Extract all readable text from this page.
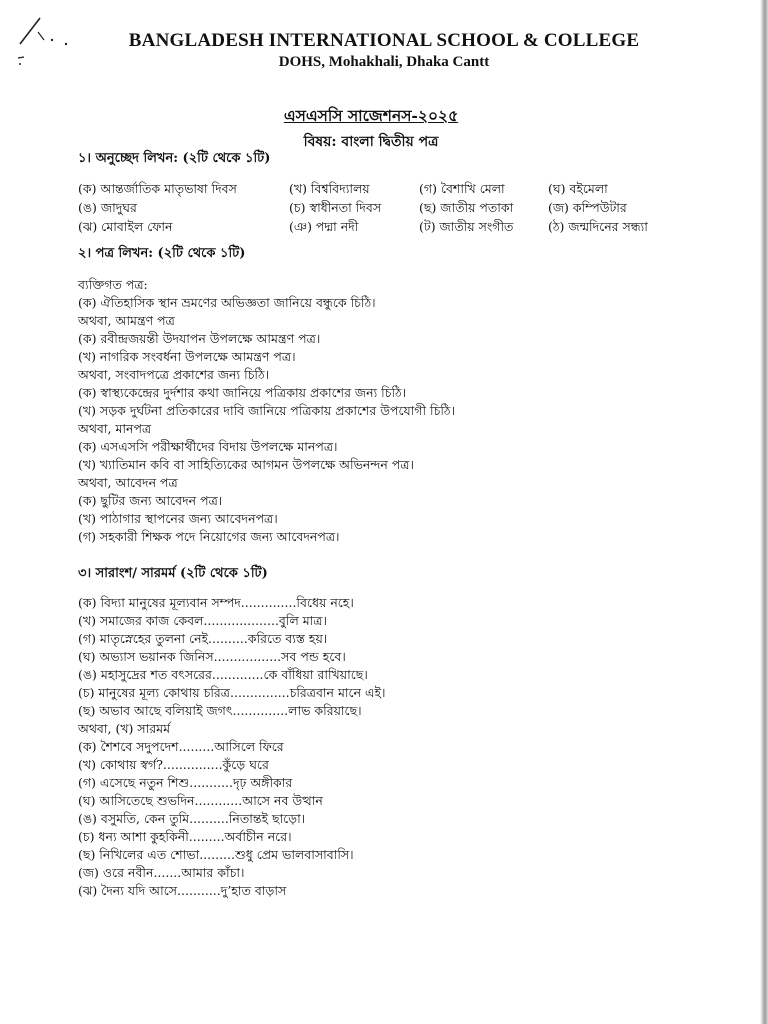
BANGLADESH INTERNATIONAL SCHOOL & COLLEGE
DOHS, Mohakhali, Dhaka Cantt
এসএসসি সাজেশনস-২০২৫
বিষয়: বাংলা দ্বিতীয় পত্র
১। অনুচ্ছেদ লিখন: (২টি থেকে ১টি)
(ক) আন্তর্জাতিক মাতৃভাষা দিবস	(খ) বিশ্ববিদ্যালয়	(গ) বৈশাখি মেলা	(ঘ) বইমেলা
(ঙ) জাদুঘর	(চ) স্বাধীনতা দিবস	(ছ) জাতীয় পতাকা	(জ) কম্পিউটার
(ঝ) মোবাইল ফোন	(ঞ) পদ্মা নদী	(ট) জাতীয় সংগীত	(ঠ) জন্মদিনের সন্ধ্যা
২। পত্র লিখন: (২টি থেকে ১টি)
ব্যক্তিগত পত্র:
(ক) ঐতিহাসিক স্থান ভ্রমণের অভিজ্ঞতা জানিয়ে বন্ধুকে চিঠি।
অথবা, আমন্ত্রণ পত্র
(ক) রবীন্দ্রজয়ন্তী উদযাপন উপলক্ষে আমন্ত্রণ পত্র।
(খ) নাগরিক সংবর্ধনা উপলক্ষে আমন্ত্রণ পত্র।
অথবা, সংবাদপত্রে প্রকাশের জন্য চিঠি।
(ক) স্বাস্থ্যকেন্দ্রের দুর্দশার কথা জানিয়ে পত্রিকায় প্রকাশের জন্য চিঠি।
(খ) সড়ক দুর্ঘটনা প্রতিকারের দাবি জানিয়ে পত্রিকায় প্রকাশের উপযোগী চিঠি।
অথবা, মানপত্র
(ক) এসএসসি পরীক্ষার্থীদের বিদায় উপলক্ষে মানপত্র।
(খ) খ্যাতিমান কবি বা সাহিত্যিকের আগমন উপলক্ষে অভিনন্দন পত্র।
অথবা, আবেদন পত্র
(ক) ছুটির জন্য আবেদন পত্র।
(খ) পাঠাগার স্থাপনের জন্য আবেদনপত্র।
(গ) সহকারী শিক্ষক পদে নিয়োগের জন্য আবেদনপত্র।
৩। সারাংশ/ সারমর্ম (২টি থেকে ১টি)
(ক) বিদ্যা মানুষের মূল্যবান সম্পদ..............বিধেয় নহে।
(খ) সমাজের কাজ কেবল...................বুলি মাত্র।
(গ) মাতৃস্নেহের তুলনা নেই..........করিতে ব্যস্ত হয়।
(ঘ) অভ্যাস ভয়ানক জিনিস.................সব পন্ড হবে।
(ঙ) মহাসুদ্রের শত বৎসরের.............কে বাঁধিয়া রাখিয়াছে।
(চ) মানুষের মূল্য কোথায় চরিত্র...............চরিত্রবান মানে এই।
(ছ) অভাব আছে বলিয়াই জগৎ..............লাভ করিয়াছে।
অথবা, (খ) সারমর্ম
(ক) শৈশবে সদুপদেশ.........আসিলে ফিরে
(খ) কোথায় স্বর্গ?...............কুঁড়ে ঘরে
(গ) এসেছে নতুন শিশু...........দৃঢ় অঙ্গীকার
(ঘ) আসিতেছে শুভদিন............আসে নব উত্থান
(ঙ) বসুমতি, কেন তুমি..........নিতান্তই ছাড়ো।
(চ) ধন্য আশা কুহকিনী.........অর্বাচীন নরে।
(ছ) নিখিলের এত শোভা.........শুধু প্রেম ভালবাসাবাসি।
(জ) ওরে নবীন.......আমার কাঁচা।
(ঝ) দৈন্য যদি আসে...........দু’হাত বাড়াস
